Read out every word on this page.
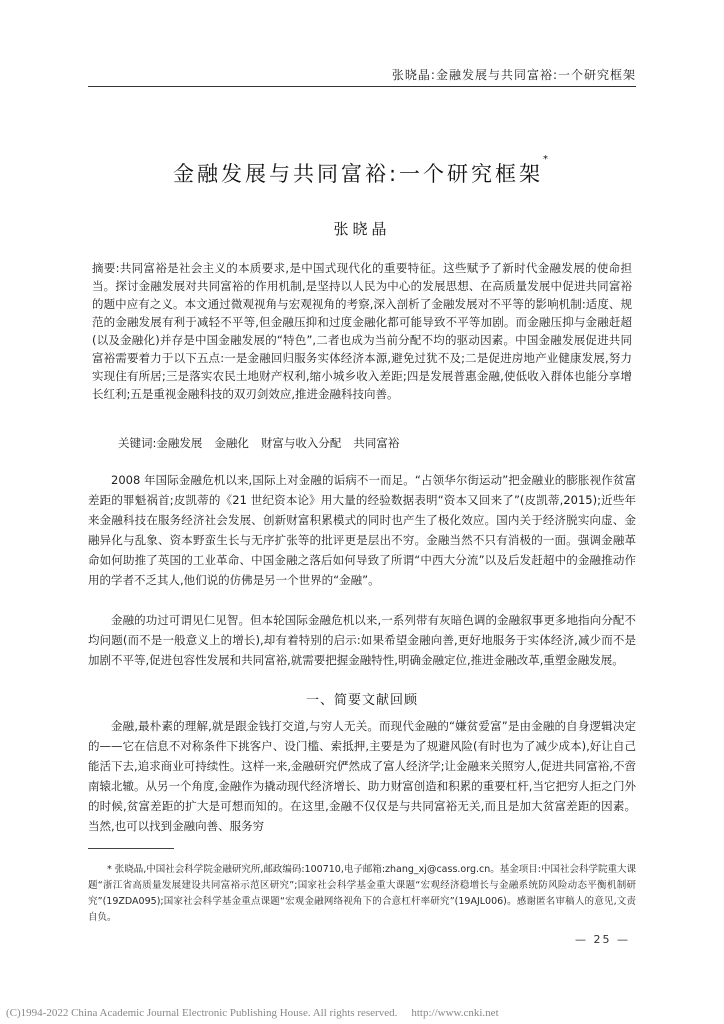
张晓晶:金融发展与共同富裕:一个研究框架
金融发展与共同富裕:一个研究框架*
张晓晶
摘要:共同富裕是社会主义的本质要求,是中国式现代化的重要特征。这些赋予了新时代金融发展的使命担当。探讨金融发展对共同富裕的作用机制,是坚持以人民为中心的发展思想、在高质量发展中促进共同富裕的题中应有之义。本文通过微观视角与宏观视角的考察,深入剖析了金融发展对不平等的影响机制:适度、规范的金融发展有利于减轻不平等,但金融压抑和过度金融化都可能导致不平等加剧。而金融压抑与金融赶超(以及金融化)并存是中国金融发展的“特色”,二者也成为当前分配不均的驱动因素。中国金融发展促进共同富裕需要着力于以下五点:一是金融回归服务实体经济本源,避免过犹不及;二是促进房地产业健康发展,努力实现住有所居;三是落实农民土地财产权利,缩小城乡收入差距;四是发展普惠金融,使低收入群体也能分享增长红利;五是重视金融科技的双刃剑效应,推进金融科技向善。
关键词:金融发展 金融化 财富与收入分配 共同富裕

2008 年国际金融危机以来,国际上对金融的诟病不一而足。“占领华尔街运动”把金融业的膨胀视作贫富差距的罪魁祸首;皮凯蒂的《21 世纪资本论》用大量的经验数据表明“资本又回来了”(皮凯蒂,2015);近些年来金融科技在服务经济社会发展、创新财富积累模式的同时也产生了极化效应。国内关于经济脱实向虚、金融异化与乱象、资本野蛮生长与无序扩张等的批评更是层出不穷。金融当然不只有消极的一面。强调金融革命如何助推了英国的工业革命、中国金融之落后如何导致了所谓“中西大分流”以及后发赶超中的金融推动作用的学者不乏其人,他们说的仿佛是另一个世界的“金融”。

金融的功过可谓见仁见智。但本轮国际金融危机以来,一系列带有灰暗色调的金融叙事更多地指向分配不均问题(而不是一般意义上的增长),却有着特别的启示:如果希望金融向善,更好地服务于实体经济,减少而不是加剧不平等,促进包容性发展和共同富裕,就需要把握金融特性,明确金融定位,推进金融改革,重塑金融发展。

一、简要文献回顾

金融,最朴素的理解,就是跟金钱打交道,与穷人无关。而现代金融的“嫌贫爱富”是由金融的自身逻辑决定的——它在信息不对称条件下挑客户、设门槛、索抵押,主要是为了规避风险(有时也为了减少成本),好让自己能活下去,追求商业可持续性。这样一来,金融研究俨然成了富人经济学;让金融来关照穷人,促进共同富裕,不啻南辕北辙。从另一个角度,金融作为撬动现代经济增长、助力财富创造和积累的重要杠杆,当它把穷人拒之门外的时候,贫富差距的扩大是可想而知的。在这里,金融不仅仅是与共同富裕无关,而且是加大贫富差距的因素。当然,也可以找到金融向善、服务穷

* 张晓晶,中国社会科学院金融研究所,邮政编码:100710,电子邮箱:zhang_xj@cass.org.cn。基金项目:中国社会科学院重大课题“浙江省高质量发展建设共同富裕示范区研究”;国家社会科学基金重大课题“宏观经济稳增长与金融系统防风险动态平衡机制研究”(19ZDA095);国家社会科学基金重点课题“宏观金融网络视角下的合意杠杆率研究”(19AJL006)。感谢匿名审稿人的意见,文责自负。
— 25 —
(C)1994-2022 China Academic Journal Electronic Publishing House. All rights reserved. http://www.cnki.net
